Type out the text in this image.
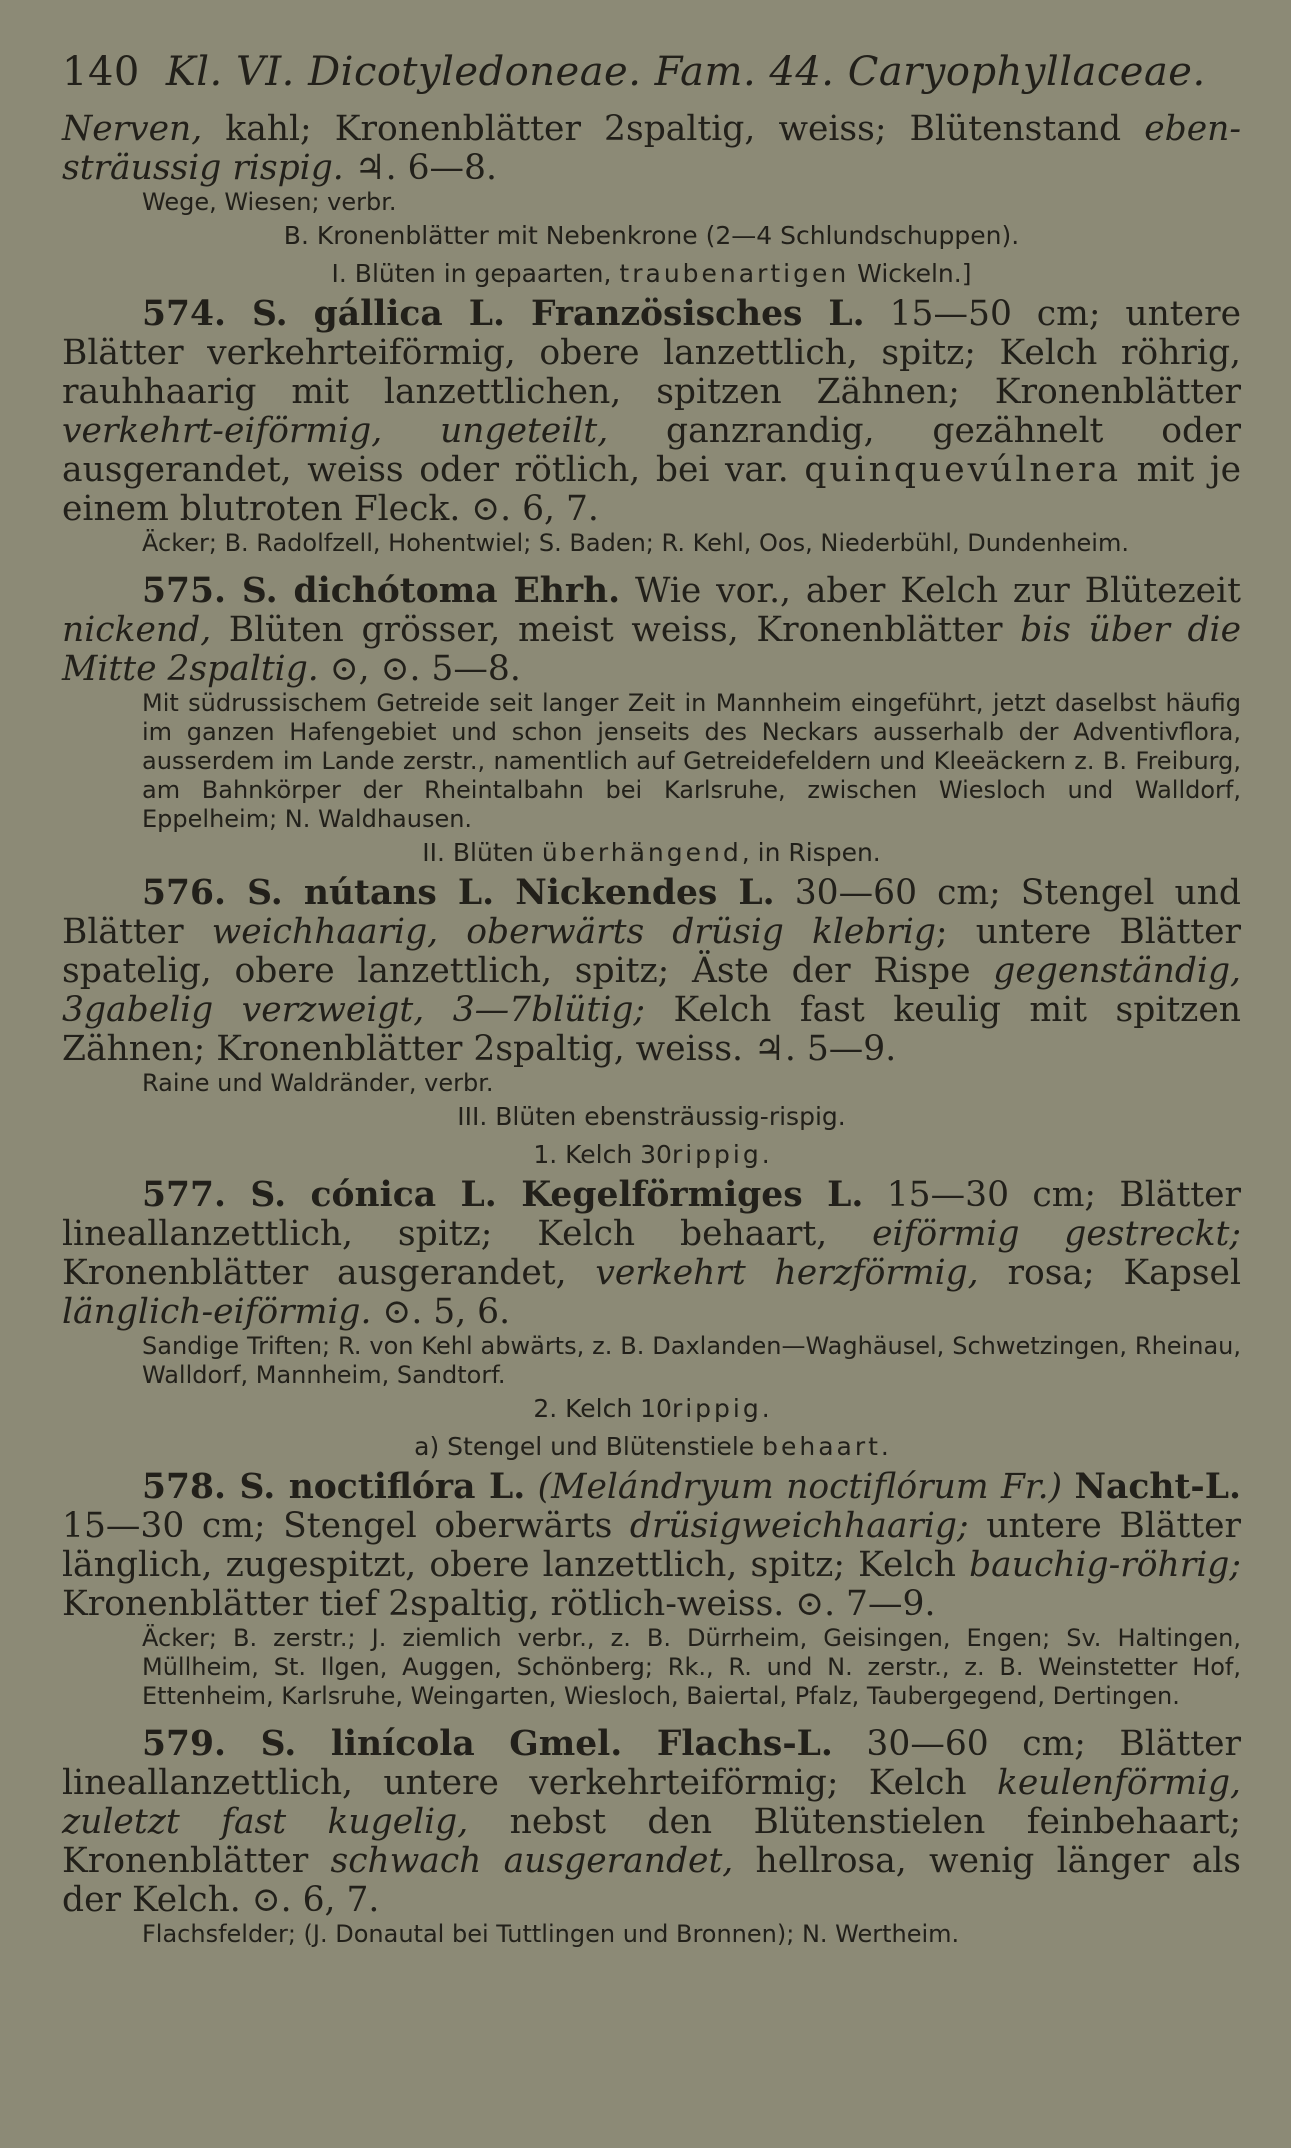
140 Kl. VI. Dicotyledoneae. Fam. 44. Caryophyllaceae.

Nerven, kahl; Kronenblätter 2spaltig, weiss; Blütenstand eben-sträussig rispig. ♃. 6—8.

Wege, Wiesen; verbr.

B. Kronenblätter mit Nebenkrone (2—4 Schlundschuppen).
I. Blüten in gepaarten, traubenartigen Wickeln.]

574. S. gállica L. Französisches L. 15—50 cm; untere Blätter verkehrteiförmig, obere lanzettlich, spitz; Kelch röhrig, rauhhaarig mit lanzettlichen, spitzen Zähnen; Kronenblätter verkehrt-eiförmig, ungeteilt, ganzrandig, gezähnelt oder ausgerandet, weiss oder rötlich, bei var. quinquevúlnera mit je einem blutroten Fleck. ⊙. 6, 7.

Äcker; B. Radolfzell, Hohentwiel; S. Baden; R. Kehl, Oos, Niederbühl, Dundenheim.

575. S. dichótoma Ehrh. Wie vor., aber Kelch zur Blütezeit nickend, Blüten grösser, meist weiss, Kronenblätter bis über die Mitte 2spaltig. ⊙, ⊙. 5—8.

Mit südrussischem Getreide seit langer Zeit in Mannheim eingeführt, jetzt daselbst häufig im ganzen Hafengebiet und schon jenseits des Neckars ausserhalb der Adventivflora, ausserdem im Lande zerstr., namentlich auf Getreidefeldern und Kleeäckern z. B. Freiburg, am Bahnkörper der Rheintalbahn bei Karlsruhe, zwischen Wiesloch und Walldorf, Eppelheim; N. Waldhausen.

II. Blüten überhängend, in Rispen.

576. S. nútans L. Nickendes L. 30—60 cm; Stengel und Blätter weichhaarig, oberwärts drüsig klebrig; untere Blätter spatelig, obere lanzettlich, spitz; Äste der Rispe gegenständig, 3gabelig verzweigt, 3—7blütig; Kelch fast keulig mit spitzen Zähnen; Kronenblätter 2spaltig, weiss. ♃. 5—9.

Raine und Waldränder, verbr.

III. Blüten ebensträussig-rispig.
1. Kelch 30rippig.

577. S. cónica L. Kegelförmiges L. 15—30 cm; Blätter lineallanzettlich, spitz; Kelch behaart, eiförmig gestreckt; Kronenblätter ausgerandet, verkehrt herzförmig, rosa; Kapsel länglich-eiförmig. ⊙. 5, 6.

Sandige Triften; R. von Kehl abwärts, z. B. Daxlanden—Waghäusel, Schwetzingen, Rheinau, Walldorf, Mannheim, Sandtorf.

2. Kelch 10rippig.
a) Stengel und Blütenstiele behaart.

578. S. noctiflóra L. (Melándryum noctiflórum Fr.) Nacht-L. 15—30 cm; Stengel oberwärts drüsigweichhaarig; untere Blätter länglich, zugespitzt, obere lanzettlich, spitz; Kelch bauchig-röhrig; Kronenblätter tief 2spaltig, rötlich-weiss. ⊙. 7—9.

Äcker; B. zerstr.; J. ziemlich verbr., z. B. Dürrheim, Geisingen, Engen; Sv. Haltingen, Müllheim, St. Ilgen, Auggen, Schönberg; Rk., R. und N. zerstr., z. B. Weinstetter Hof, Ettenheim, Karlsruhe, Weingarten, Wiesloch, Baiertal, Pfalz, Taubergegend, Dertingen.

579. S. linícola Gmel. Flachs-L. 30—60 cm; Blätter lineallanzettlich, untere verkehrteiförmig; Kelch keulenförmig, zuletzt fast kugelig, nebst den Blütenstielen feinbehaart; Kronenblätter schwach ausgerandet, hellrosa, wenig länger als der Kelch. ⊙. 6, 7.

Flachsfelder; (J. Donautal bei Tuttlingen und Bronnen); N. Wertheim.
